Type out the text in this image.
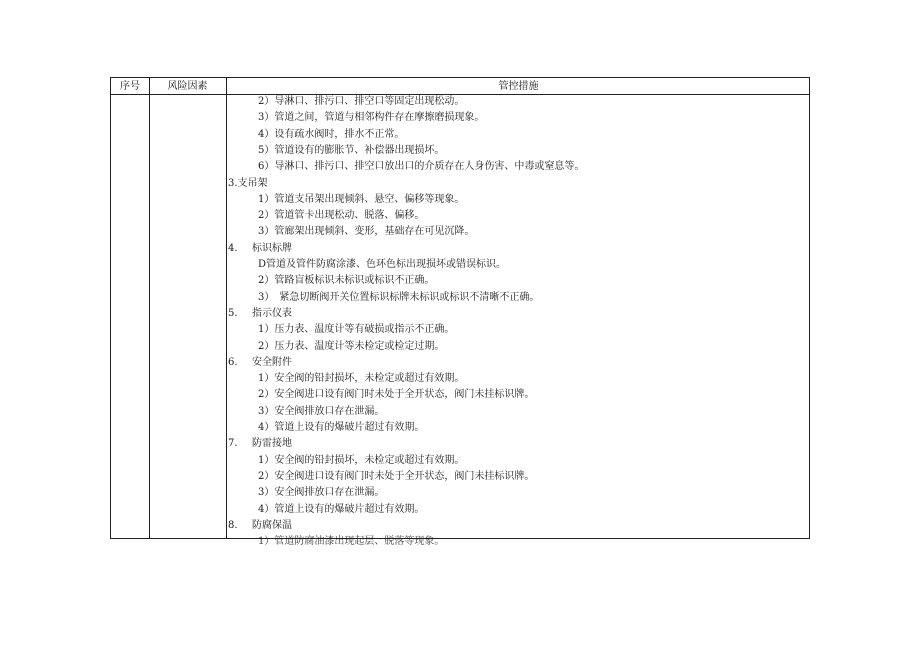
序号	风险因素	管控措施
2）导淋口、排污口、排空口等固定出现松动。
3）管道之间，管道与相邻构件存在摩擦磨损现象。
4）设有疏水阀时，排水不正常。
5）管道设有的膨胀节、补偿器出现损坏。
6）导淋口、排污口、排空口放出口的介质存在人身伤害、中毒或窒息等。
3.支吊架
1）管道支吊架出现倾斜、悬空、偏移等现象。
2）管道管卡出现松动、脱落、偏移。
3）管廊架出现倾斜、变形，基础存在可见沉降。
4. 标识标牌
D管道及管件防腐涂漆、色环色标出现损坏或错误标识。
2）管路盲板标识未标识或标识不正确。
3）　紧急切断阀开关位置标识标牌未标识或标识不清晰不正确。
5. 指示仪表
1）压力表、温度计等有破损或指示不正确。
2）压力表、温度计等未检定或检定过期。
6. 安全附件
1）安全阀的铅封损坏，未检定或超过有效期。
2）安全阀进口设有阀门时未处于全开状态，阀门未挂标识牌。
3）安全阀排放口存在泄漏。
4）管道上设有的爆破片超过有效期。
7. 防雷接地
1）安全阀的铅封损坏，未检定或超过有效期。
2）安全阀进口设有阀门时未处于全开状态，阀门未挂标识牌。
3）安全阀排放口存在泄漏。
4）管道上设有的爆破片超过有效期。
8. 防腐保温
1）管道防腐油漆出现起层、脱落等现象。
